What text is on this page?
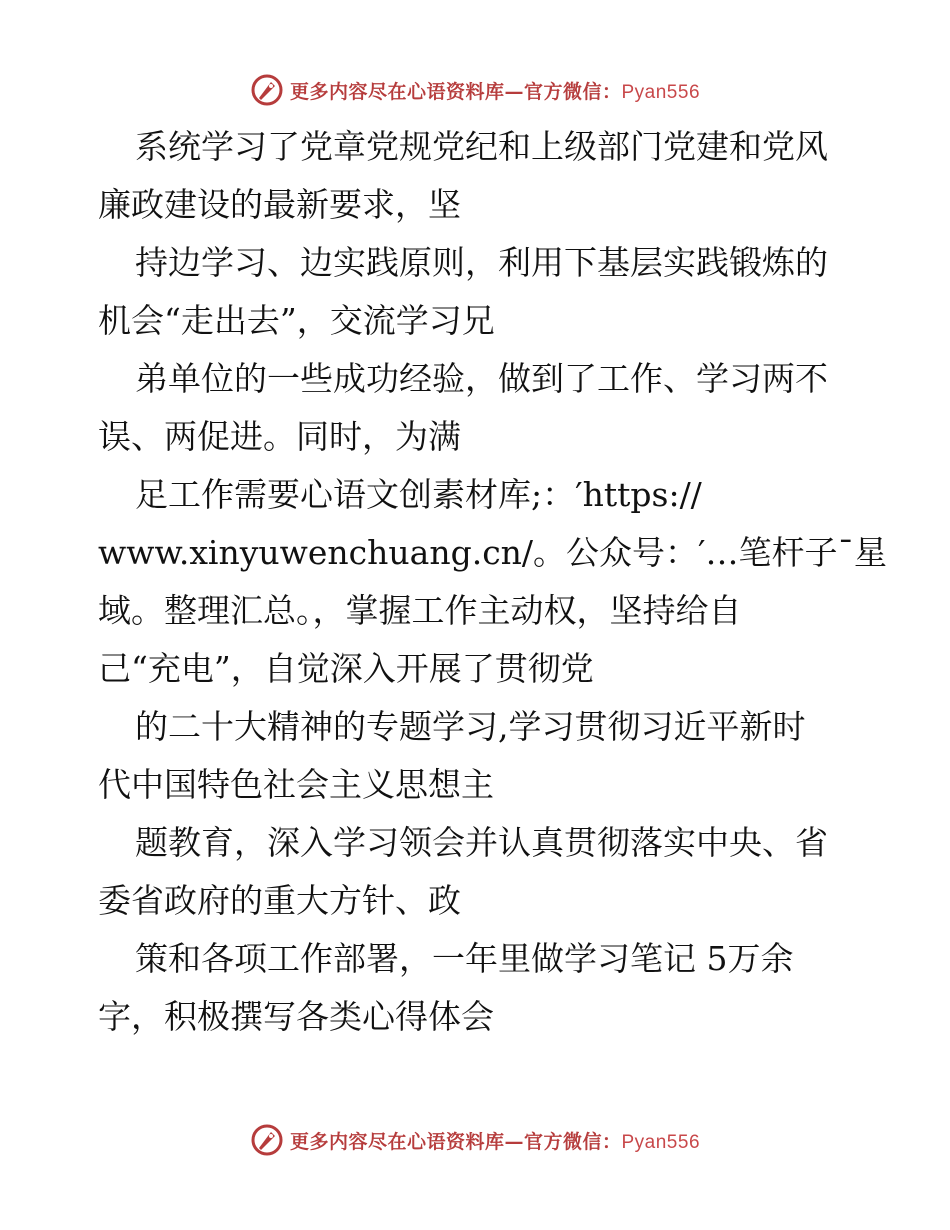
更多内容尽在心语资料库—官方微信：Pyan556
系统学习了党章党规党纪和上级部门党建和党风
廉政建设的最新要求，坚
持边学习、边实践原则，利用下基层实践锻炼的
机会“走出去”，交流学习兄
弟单位的一些成功经验，做到了工作、学习两不
误、两促进。同时，为满
足工作需要心语文创素材库;：′https://
www.xinyuwenchuang.cn/。公众号：′…笔杆子¯星
域。整理汇总。，掌握工作主动权，坚持给自
己“充电”，自觉深入开展了贯彻党
的二十大精神的专题学习,学习贯彻习近平新时
代中国特色社会主义思想主
题教育，深入学习领会并认真贯彻落实中央、省
委省政府的重大方针、政
策和各项工作部署，一年里做学习笔记 5万余
字，积极撰写各类心得体会
更多内容尽在心语资料库—官方微信：Pyan556
